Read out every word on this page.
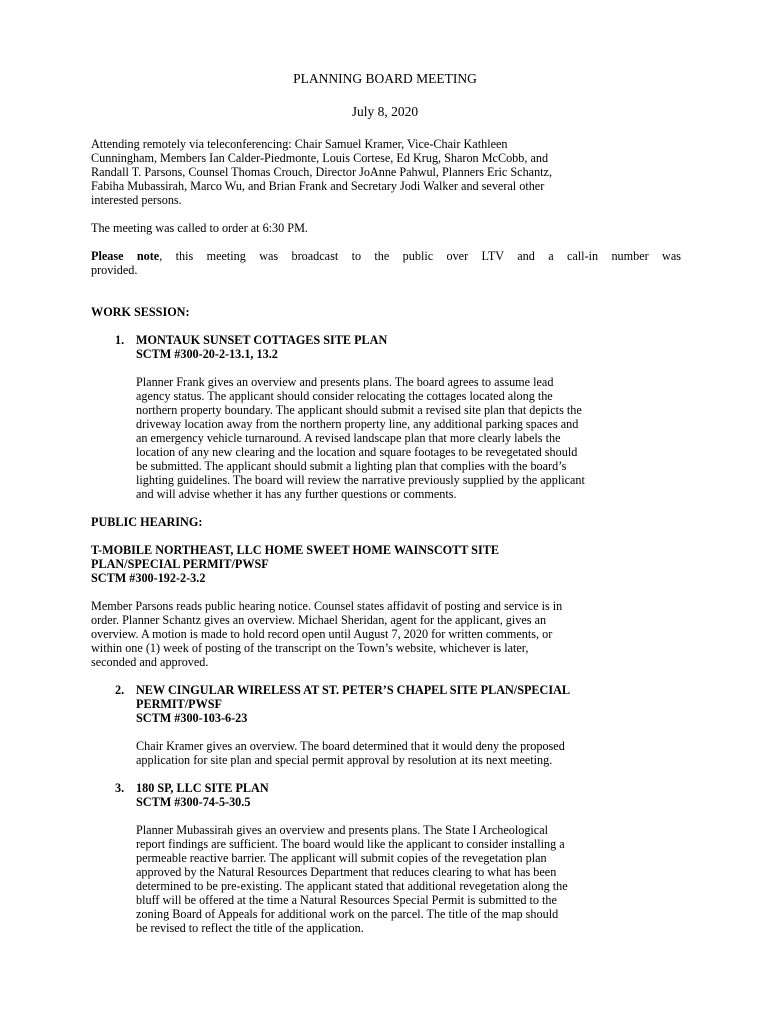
PLANNING BOARD MEETING
July 8, 2020
Attending remotely via teleconferencing: Chair Samuel Kramer, Vice-Chair Kathleen
Cunningham, Members Ian Calder-Piedmonte, Louis Cortese, Ed Krug, Sharon McCobb, and
Randall T. Parsons, Counsel Thomas Crouch, Director JoAnne Pahwul, Planners Eric Schantz,
Fabiha Mubassirah, Marco Wu, and Brian Frank and Secretary Jodi Walker and several other
interested persons.
The meeting was called to order at 6:30 PM.
Please note, this meeting was broadcast to the public over LTV and a call-in number was
provided.
WORK SESSION:
1. MONTAUK SUNSET COTTAGES SITE PLAN
SCTM #300-20-2-13.1, 13.2
Planner Frank gives an overview and presents plans. The board agrees to assume lead
agency status. The applicant should consider relocating the cottages located along the
northern property boundary. The applicant should submit a revised site plan that depicts the
driveway location away from the northern property line, any additional parking spaces and
an emergency vehicle turnaround. A revised landscape plan that more clearly labels the
location of any new clearing and the location and square footages to be revegetated should
be submitted. The applicant should submit a lighting plan that complies with the board’s
lighting guidelines. The board will review the narrative previously supplied by the applicant
and will advise whether it has any further questions or comments.
PUBLIC HEARING:
T-MOBILE NORTHEAST, LLC HOME SWEET HOME WAINSCOTT SITE
PLAN/SPECIAL PERMIT/PWSF
SCTM #300-192-2-3.2
Member Parsons reads public hearing notice. Counsel states affidavit of posting and service is in
order. Planner Schantz gives an overview. Michael Sheridan, agent for the applicant, gives an
overview. A motion is made to hold record open until August 7, 2020 for written comments, or
within one (1) week of posting of the transcript on the Town’s website, whichever is later,
seconded and approved.
2. NEW CINGULAR WIRELESS AT ST. PETER’S CHAPEL SITE PLAN/SPECIAL
PERMIT/PWSF
SCTM #300-103-6-23
Chair Kramer gives an overview. The board determined that it would deny the proposed
application for site plan and special permit approval by resolution at its next meeting.
3. 180 SP, LLC SITE PLAN
SCTM #300-74-5-30.5
Planner Mubassirah gives an overview and presents plans. The State I Archeological
report findings are sufficient. The board would like the applicant to consider installing a
permeable reactive barrier. The applicant will submit copies of the revegetation plan
approved by the Natural Resources Department that reduces clearing to what has been
determined to be pre-existing. The applicant stated that additional revegetation along the
bluff will be offered at the time a Natural Resources Special Permit is submitted to the
zoning Board of Appeals for additional work on the parcel. The title of the map should
be revised to reflect the title of the application.
